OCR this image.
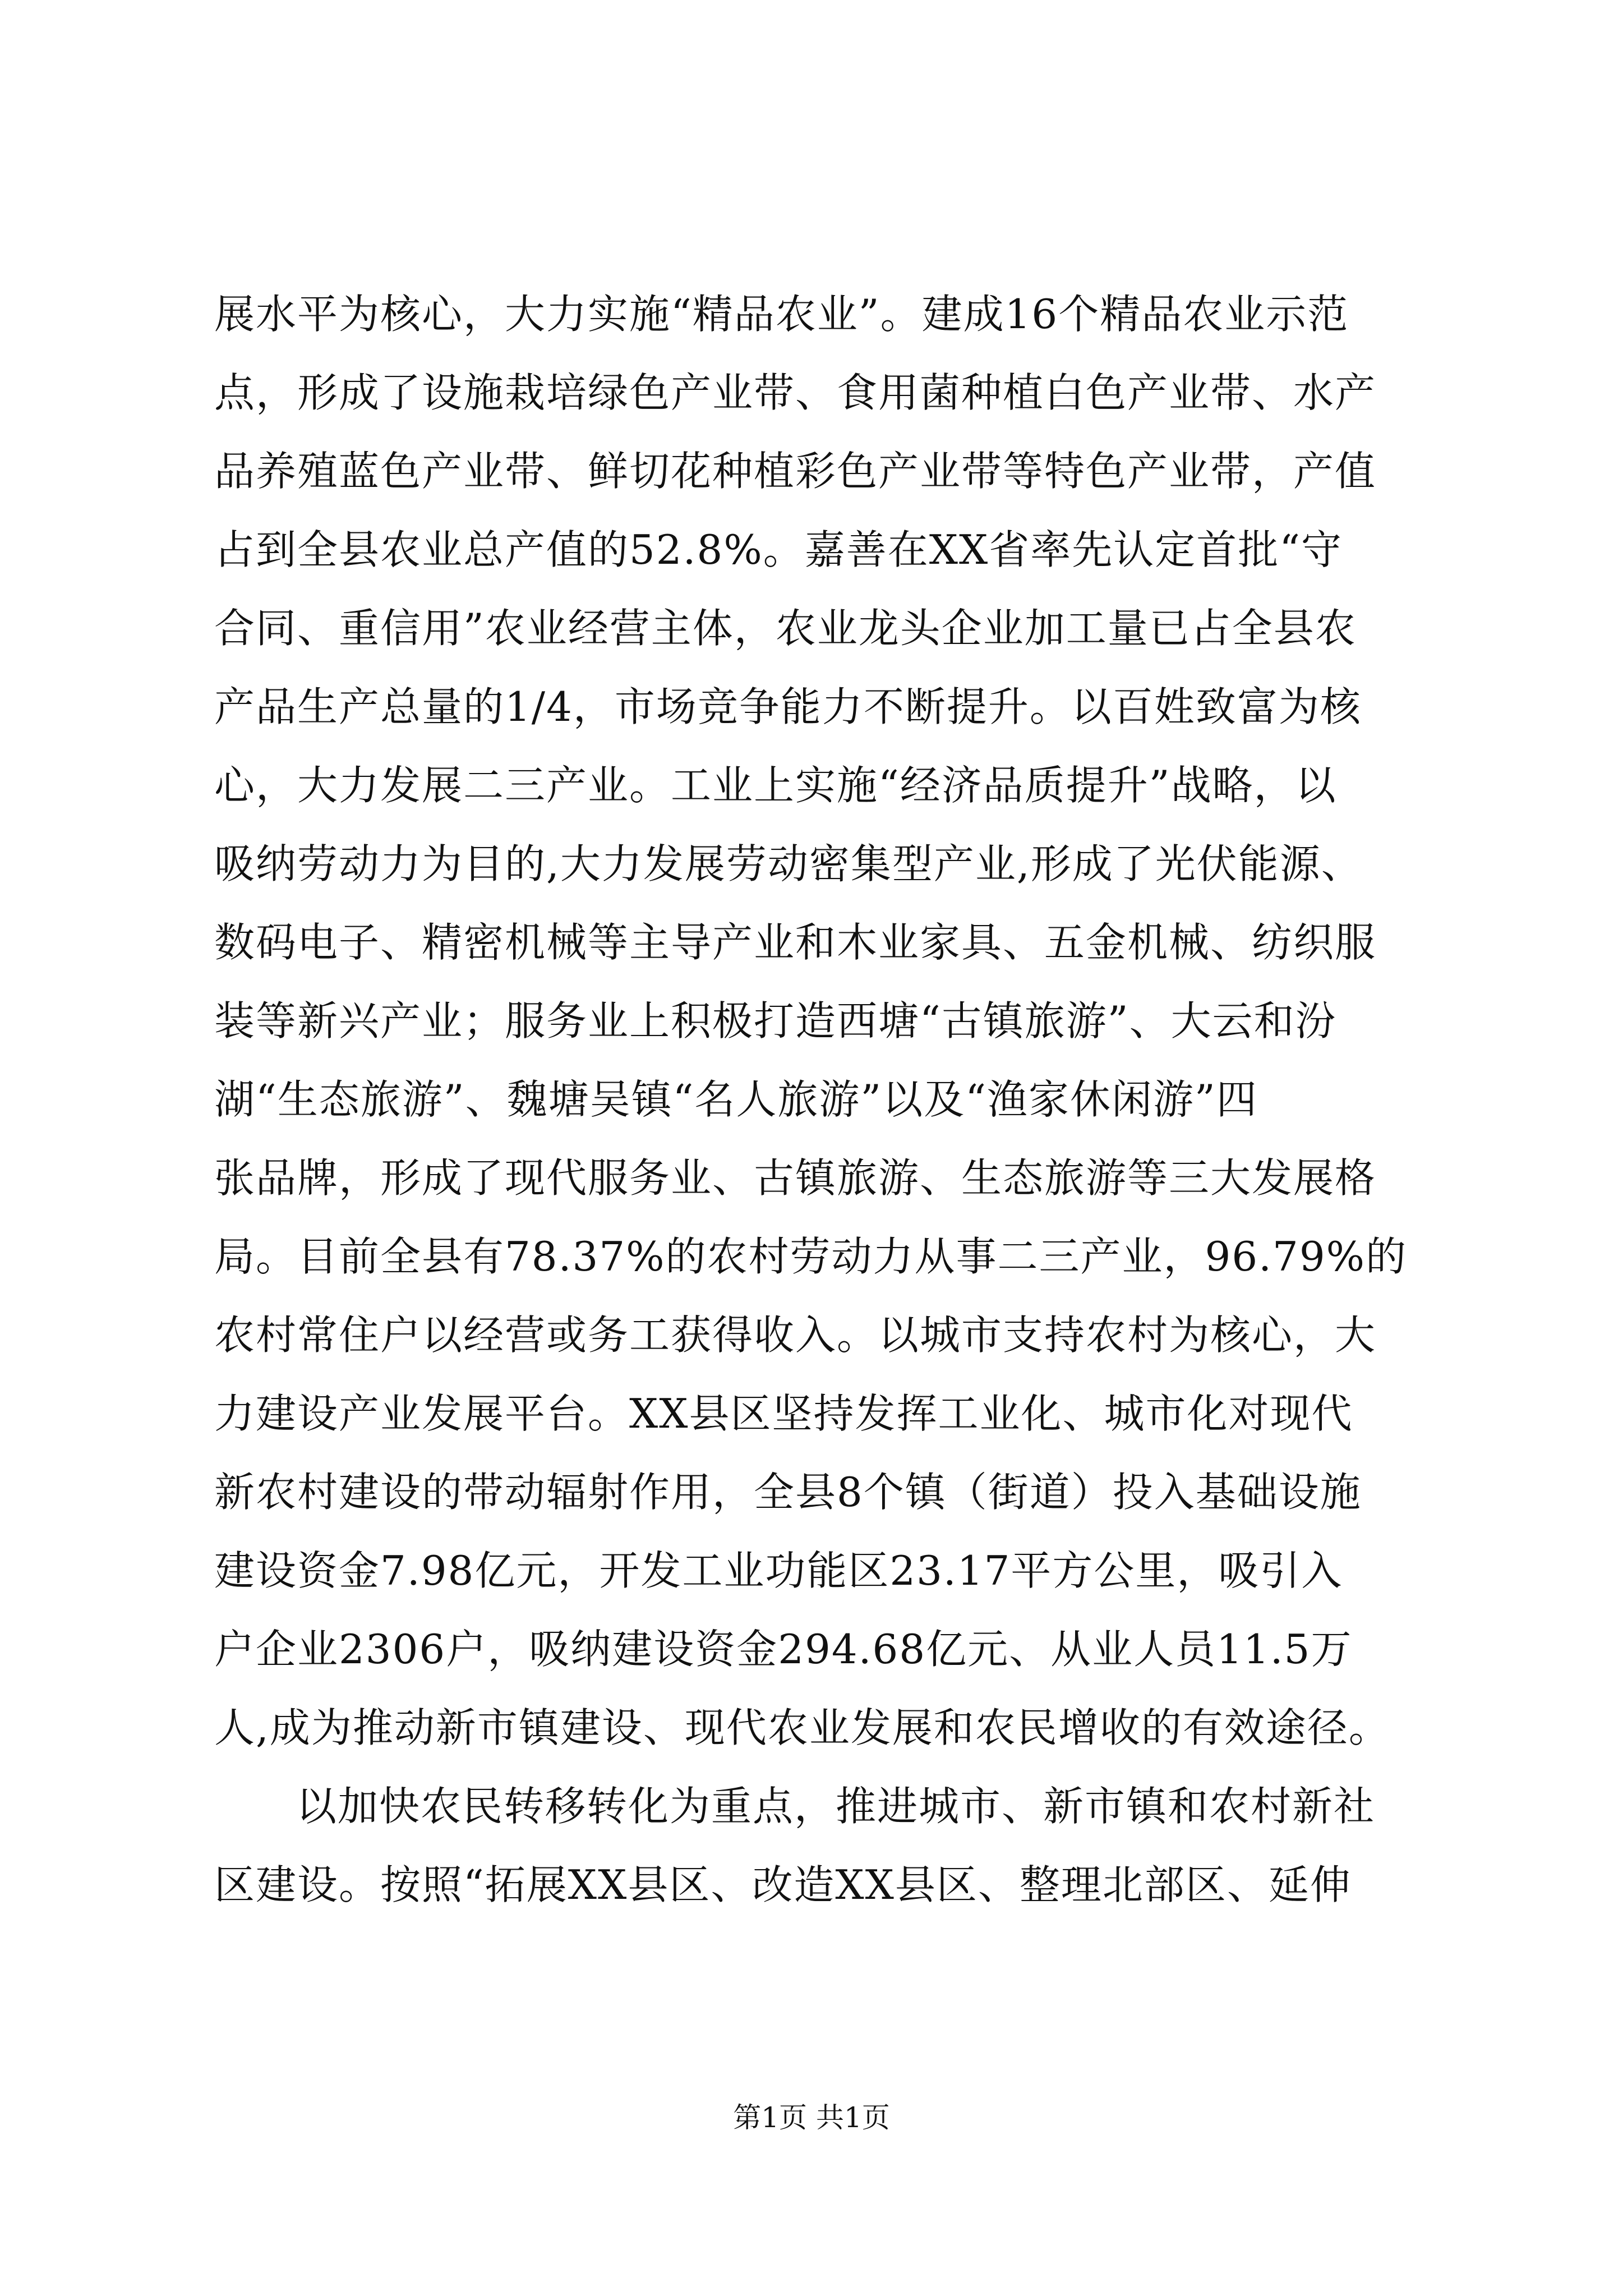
展水平为核心，大力实施“精品农业”。建成16个精品农业示范
点，形成了设施栽培绿色产业带、食用菌种植白色产业带、水产
品养殖蓝色产业带、鲜切花种植彩色产业带等特色产业带，产值
占到全县农业总产值的52.8%。嘉善在XX省率先认定首批“守
合同、重信用”农业经营主体，农业龙头企业加工量已占全县农
产品生产总量的1/4，市场竞争能力不断提升。以百姓致富为核
心，大力发展二三产业。工业上实施“经济品质提升”战略，以
吸纳劳动力为目的,大力发展劳动密集型产业,形成了光伏能源、
数码电子、精密机械等主导产业和木业家具、五金机械、纺织服
装等新兴产业；服务业上积极打造西塘“古镇旅游”、大云和汾
湖“生态旅游”、魏塘吴镇“名人旅游”以及“渔家休闲游”四
张品牌，形成了现代服务业、古镇旅游、生态旅游等三大发展格
局。目前全县有78.37%的农村劳动力从事二三产业，96.79%的
农村常住户以经营或务工获得收入。以城市支持农村为核心，大
力建设产业发展平台。XX县区坚持发挥工业化、城市化对现代
新农村建设的带动辐射作用，全县8个镇（街道）投入基础设施
建设资金7.98亿元，开发工业功能区23.17平方公里，吸引入
户企业2306户，吸纳建设资金294.68亿元、从业人员11.5万
人,成为推动新市镇建设、现代农业发展和农民增收的有效途径。
以加快农民转移转化为重点，推进城市、新市镇和农村新社
区建设。按照“拓展XX县区、改造XX县区、整理北部区、延伸
第1页 共1页
